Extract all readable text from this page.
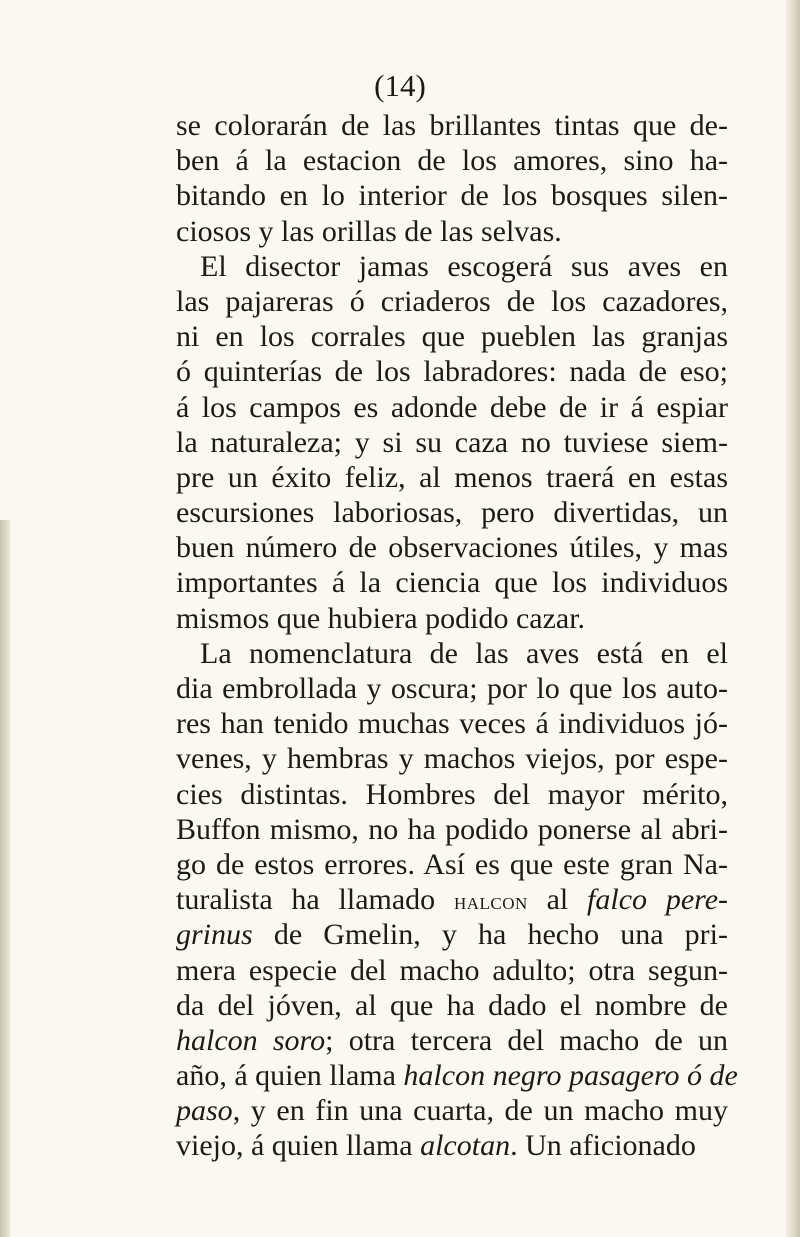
(14)
se colorarán de las brillantes tintas que de-
ben á la estacion de los amores, sino ha-
bitando en lo interior de los bosques silen-
ciosos y las orillas de las selvas.
El disector jamas escogerá sus aves en
las pajareras ó criaderos de los cazadores,
ni en los corrales que pueblen las granjas
ó quinterías de los labradores: nada de eso;
á los campos es adonde debe de ir á espiar
la naturaleza; y si su caza no tuviese siem-
pre un éxito feliz, al menos traerá en estas
escursiones laboriosas, pero divertidas, un
buen número de observaciones útiles, y mas
importantes á la ciencia que los individuos
mismos que hubiera podido cazar.
La nomenclatura de las aves está en el
dia embrollada y oscura; por lo que los auto-
res han tenido muchas veces á individuos jó-
venes, y hembras y machos viejos, por espe-
cies distintas. Hombres del mayor mérito,
Buffon mismo, no ha podido ponerse al abri-
go de estos errores. Así es que este gran Na-
turalista ha llamado halcon al falco pere-
grinus de Gmelin, y ha hecho una pri-
mera especie del macho adulto; otra segun-
da del jóven, al que ha dado el nombre de
halcon soro; otra tercera del macho de un
año, á quien llama halcon negro pasagero ó de
paso, y en fin una cuarta, de un macho muy
viejo, á quien llama alcotan. Un aficionado
